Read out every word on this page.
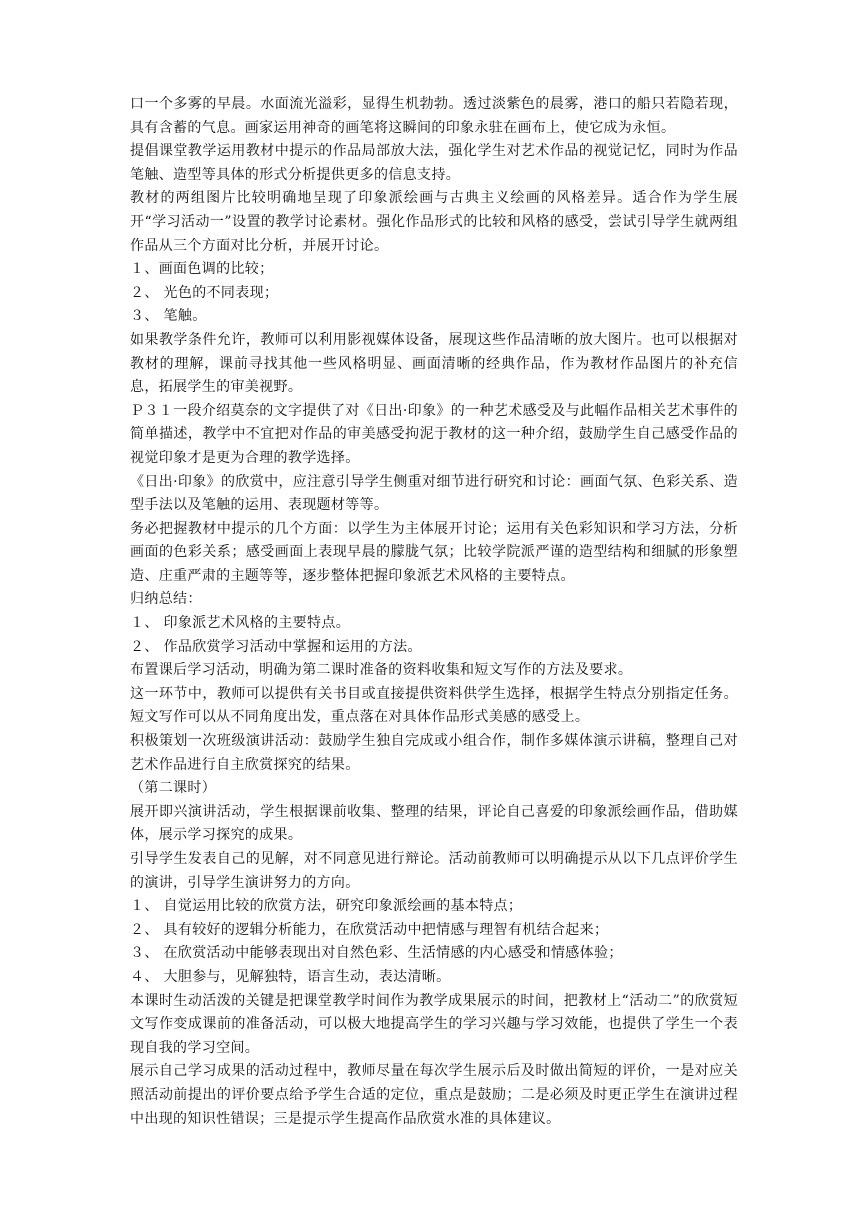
口一个多雾的早晨。水面流光溢彩，显得生机勃勃。透过淡紫色的晨雾，港口的船只若隐若现，具有含蓄的气息。画家运用神奇的画笔将这瞬间的印象永驻在画布上，使它成为永恒。

提倡课堂教学运用教材中提示的作品局部放大法，强化学生对艺术作品的视觉记忆，同时为作品笔触、造型等具体的形式分析提供更多的信息支持。

教材的两组图片比较明确地呈现了印象派绘画与古典主义绘画的风格差异。适合作为学生展开“学习活动一”设置的教学讨论素材。强化作品形式的比较和风格的感受，尝试引导学生就两组作品从三个方面对比分析，并展开讨论。

１、画面色调的比较；

２、 光色的不同表现；

３、 笔触。

如果教学条件允许，教师可以利用影视媒体设备，展现这些作品清晰的放大图片。也可以根据对教材的理解，课前寻找其他一些风格明显、画面清晰的经典作品，作为教材作品图片的补充信息，拓展学生的审美视野。

Ｐ３１一段介绍莫奈的文字提供了对《日出·印象》的一种艺术感受及与此幅作品相关艺术事件的简单描述，教学中不宜把对作品的审美感受拘泥于教材的这一种介绍，鼓励学生自己感受作品的视觉印象才是更为合理的教学选择。

《日出·印象》的欣赏中，应注意引导学生侧重对细节进行研究和讨论：画面气氛、色彩关系、造型手法以及笔触的运用、表现题材等等。

务必把握教材中提示的几个方面：以学生为主体展开讨论；运用有关色彩知识和学习方法，分析画面的色彩关系；感受画面上表现早晨的朦胧气氛；比较学院派严谨的造型结构和细腻的形象塑造、庄重严肃的主题等等，逐步整体把握印象派艺术风格的主要特点。

归纳总结：

１、 印象派艺术风格的主要特点。

２、 作品欣赏学习活动中掌握和运用的方法。

布置课后学习活动，明确为第二课时准备的资料收集和短文写作的方法及要求。

这一环节中，教师可以提供有关书目或直接提供资料供学生选择，根据学生特点分别指定任务。短文写作可以从不同角度出发，重点落在对具体作品形式美感的感受上。

积极策划一次班级演讲活动：鼓励学生独自完成或小组合作，制作多媒体演示讲稿，整理自己对艺术作品进行自主欣赏探究的结果。

（第二课时）

展开即兴演讲活动，学生根据课前收集、整理的结果，评论自己喜爱的印象派绘画作品，借助媒体，展示学习探究的成果。

引导学生发表自己的见解，对不同意见进行辩论。活动前教师可以明确提示从以下几点评价学生的演讲，引导学生演讲努力的方向。

１、 自觉运用比较的欣赏方法，研究印象派绘画的基本特点；

２、 具有较好的逻辑分析能力，在欣赏活动中把情感与理智有机结合起来；

３、 在欣赏活动中能够表现出对自然色彩、生活情感的内心感受和情感体验；

４、 大胆参与，见解独特，语言生动，表达清晰。

本课时生动活泼的关键是把课堂教学时间作为教学成果展示的时间，把教材上“活动二”的欣赏短文写作变成课前的准备活动，可以极大地提高学生的学习兴趣与学习效能，也提供了学生一个表现自我的学习空间。

展示自己学习成果的活动过程中，教师尽量在每次学生展示后及时做出简短的评价，一是对应关照活动前提出的评价要点给予学生合适的定位，重点是鼓励；二是必须及时更正学生在演讲过程中出现的知识性错误；三是提示学生提高作品欣赏水准的具体建议。
